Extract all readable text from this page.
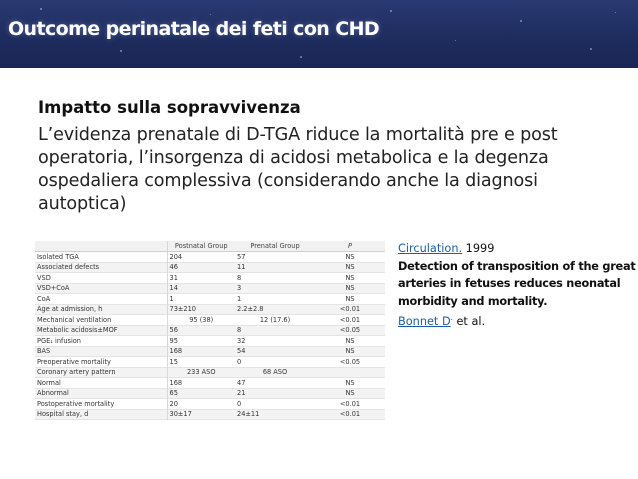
Outcome perinatale dei feti con CHD
Impatto sulla sopravvivenza
L’evidenza prenatale di D-TGA riduce la mortalità pre e post operatoria, l’insorgenza di acidosi metabolica e la degenza ospedaliera complessiva (considerando anche la diagnosi autoptica)
	Postnatal Group	Prenatal Group	P
Isolated TGA	204	57	NS
Associated defects	46	11	NS
VSD	31	8	NS
VSD+CoA	14	3	NS
CoA	1	1	NS
Age at admission, h	73±210	2.2±2.8	<0.01
Mechanical ventilation	95 (38)	12 (17.6)	<0.01
Metabolic acidosis±MOF	56	8	<0.05
PGE₁ infusion	95	32	NS
BAS	168	54	NS
Preoperative mortality	15	0	<0.05
Coronary artery pattern	233 ASO	68 ASO	
Normal	168	47	NS
Abnormal	65	21	NS
Postoperative mortality	20	0	<0.01
Hospital stay, d	30±17	24±11	<0.01
Circulation. 1999
Detection of transposition of the great arteries in fetuses reduces neonatal morbidity and mortality.
Bonnet D. et al.
